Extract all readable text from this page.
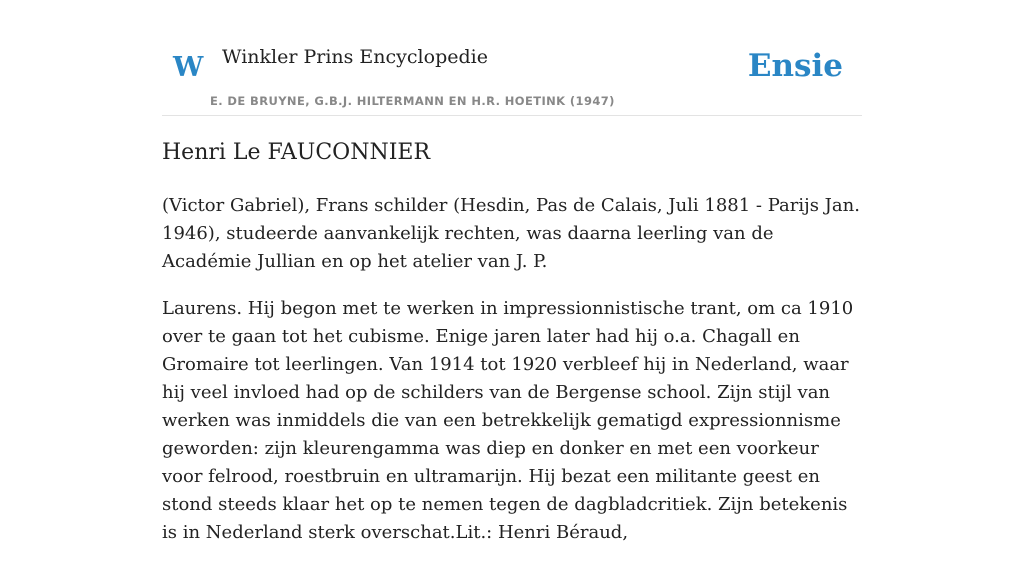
W Winkler Prins Encyclopedie
E. DE BRUYNE, G.B.J. HILTERMANN EN H.R. HOETINK (1947)
Ensie
Henri Le FAUCONNIER

(Victor Gabriel), Frans schilder (Hesdin, Pas de Calais, Juli 1881 - Parijs Jan. 1946), studeerde aanvankelijk rechten, was daarna leerling van de Académie Jullian en op het atelier van J. P.

Laurens. Hij begon met te werken in impressionnistische trant, om ca 1910 over te gaan tot het cubisme. Enige jaren later had hij o.a. Chagall en Gromaire tot leerlingen. Van 1914 tot 1920 verbleef hij in Nederland, waar hij veel invloed had op de schilders van de Bergense school. Zijn stijl van werken was inmiddels die van een betrekkelijk gematigd expressionnisme geworden: zijn kleurengamma was diep en donker en met een voorkeur voor felrood, roestbruin en ultramarijn. Hij bezat een militante geest en stond steeds klaar het op te nemen tegen de dagbladcritiek. Zijn betekenis is in Nederland sterk overschat.Lit.: Henri Béraud,
